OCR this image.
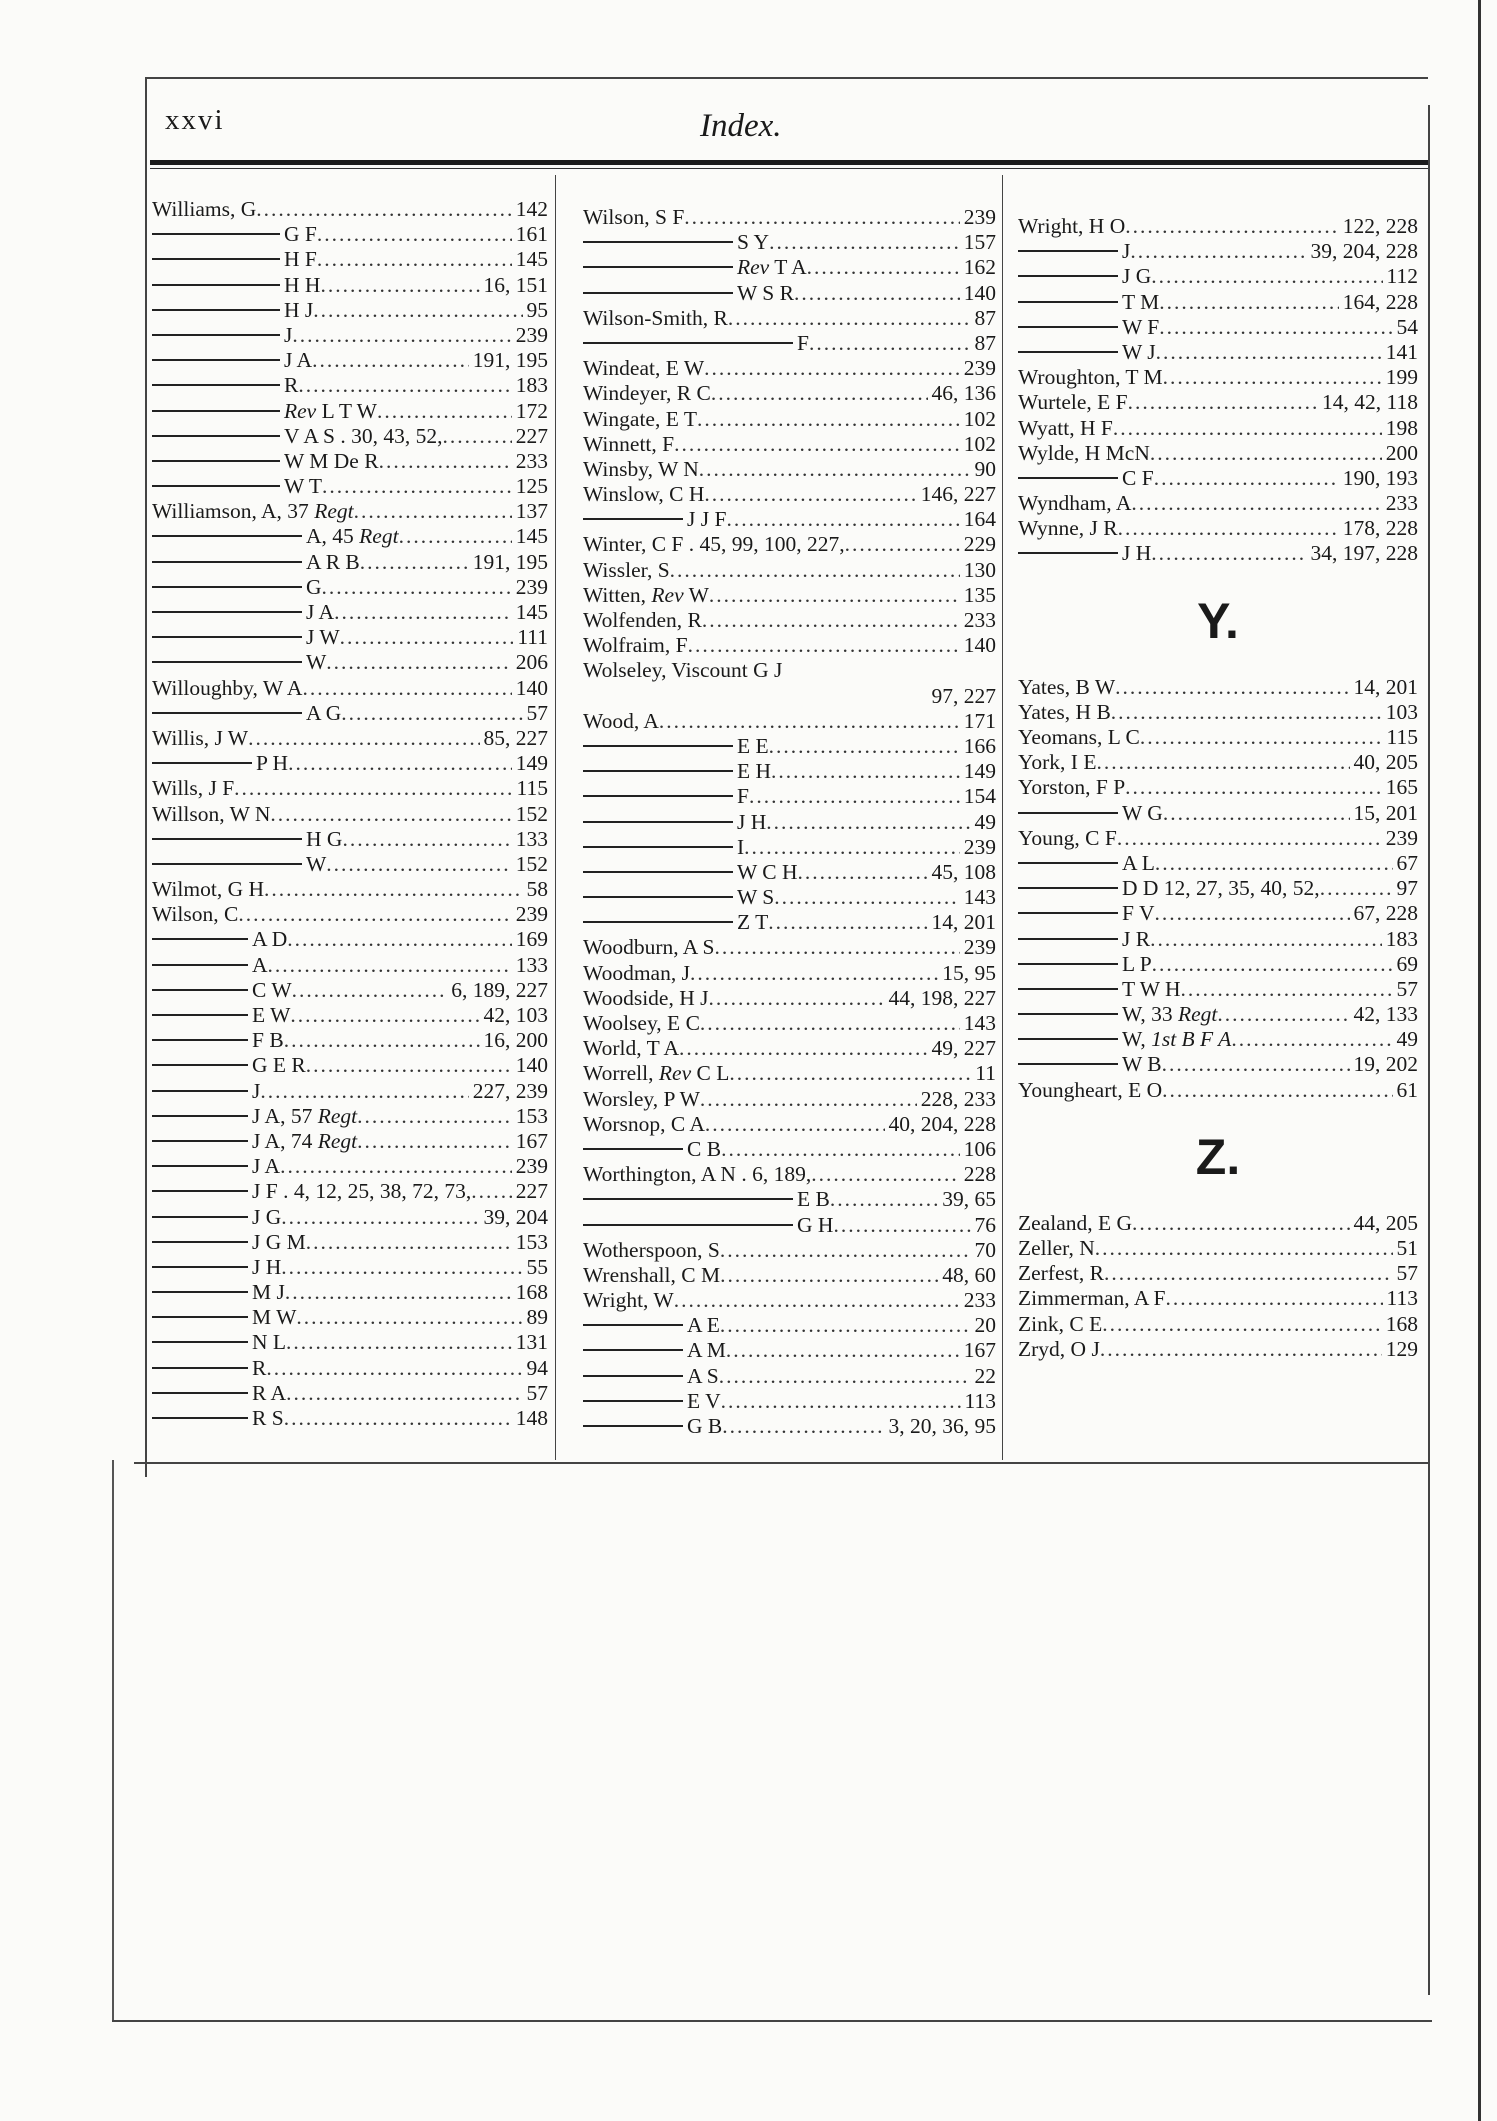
xxvi	Index.
Williams, G .....	142
G F .....	161
H F .....	145
H H .....	16, 151
H J .....	95
J .....	239
J A .....	191, 195
R .....	183
Rev L T W .....	172
V A S . 30, 43, 52, .....	227
W M De R .....	233
W T .....	125
Williamson, A, 37 Regt .....	137
A, 45 Regt .....	145
A R B .....	191, 195
G .....	239
J A .....	145
J W .....	111
W .....	206
Willoughby, W A .....	140
A G .....	57
Willis, J W .....	85, 227
P H .....	149
Wills, J F .....	115
Willson, W N .....	152
H G .....	133
W .....	152
Wilmot, G H .....	58
Wilson, C .....	239
A D .....	169
A .....	133
C W .....	6, 189, 227
E W .....	42, 103
F B .....	16, 200
G E R .....	140
J .....	227, 239
J A, 57 Regt .....	153
J A, 74 Regt .....	167
J A .....	239
J F . 4, 12, 25, 38, 72, 73, ..... 227
J G .....	39, 204
J G M .....	153
J H .....	55
M J .....	168
M W .....	89
N L .....	131
R .....	94
R A .....	57
R S .....	148
Wilson, S F .....	239
S Y .....	157
Rev T A .....	162
W S R .....	140
Wilson-Smith, R .....	87
F .....	87
Windeat, E W .....	239
Windeyer, R C .....	46, 136
Wingate, E T .....	102
Winnett, F .....	102
Winsby, W N .....	90
Winslow, C H .....	146, 227
J J F .....	164
Winter, C F . 45, 99, 100, 227, .....	229
Wissler, S .....	130
Witten, Rev W .....	135
Wolfenden, R .....	233
Wolfraim, F .....	140
Wolseley, Viscount G J
97, 227
Wood, A .....	171
E E .....	166
E H .....	149
F .....	154
J H .....	49
I .....	239
W C H .....	45, 108
W S .....	143
Z T .....	14, 201
Woodburn, A S .....	239
Woodman, J .....	15, 95
Woodside, H J .....	44, 198, 227
Woolsey, E C .....	143
World, T A .....	49, 227
Worrell, Rev C L .....	11
Worsley, P W .....	228, 233
Worsnop, C A .....	40, 204, 228
C B .....	106
Worthington, A N . 6, 189, .....	228
E B .....	39, 65
G H .....	76
Wotherspoon, S .....	70
Wrenshall, C M .....	48, 60
Wright, W .....	233
A E .....	20
A M .....	167
A S .....	22
E V .....	113
G B .....	3, 20, 36, 95
Wright, H O .....	122, 228
J .....	39, 204, 228
J G .....	112
T M .....	164, 228
W F .....	54
W J .....	141
Wroughton, T M .....	199
Wurtele, E F .....	14, 42, 118
Wyatt, H F .....	198
Wylde, H McN .....	200
C F .....	190, 193
Wyndham, A .....	233
Wynne, J R .....	178, 228
J H .....	34, 197, 228
Y.
Yates, B W .....	14, 201
Yates, H B .....	103
Yeomans, L C .....	115
York, I E .....	40, 205
Yorston, F P .....	165
W G .....	15, 201
Young, C F .....	239
A L .....	67
D D 12, 27, 35, 40, 52, .....	97
F V .....	67, 228
J R .....	183
L P .....	69
T W H .....	57
W, 33 Regt .....	42, 133
W, 1st B F A .....	49
W B .....	19, 202
Youngheart, E O .....	61
Z.
Zealand, E G .....	44, 205
Zeller, N .....	51
Zerfest, R .....	57
Zimmerman, A F .....	113
Zink, C E .....	168
Zryd, O J .....	129
